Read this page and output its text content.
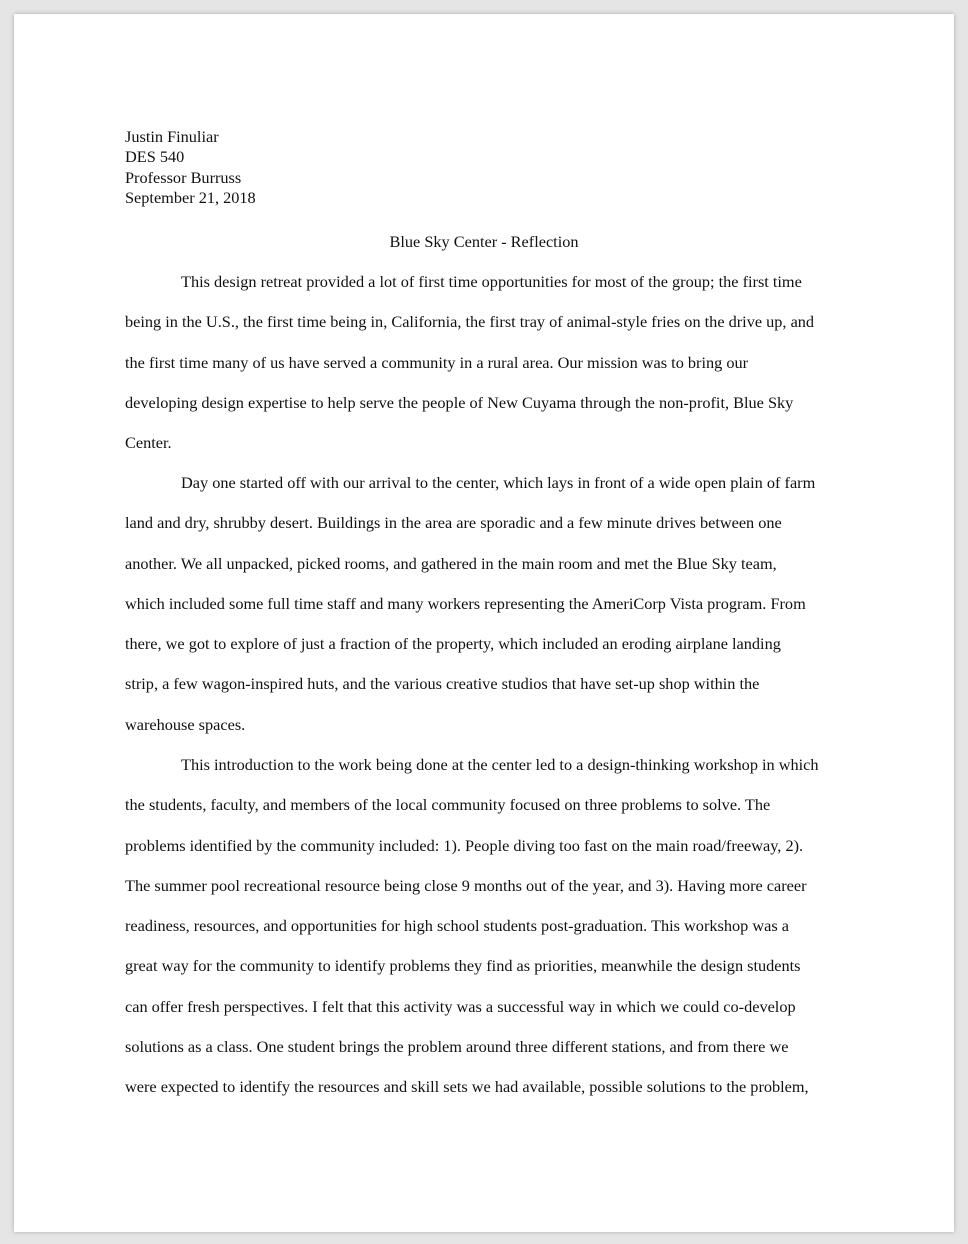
Justin Finuliar
DES 540
Professor Burruss
September 21, 2018
Blue Sky Center - Reflection
This design retreat provided a lot of first time opportunities for most of the group; the first time
being in the U.S., the first time being in, California, the first tray of animal-style fries on the drive up, and
the first time many of us have served a community in a rural area. Our mission was to bring our
developing design expertise to help serve the people of New Cuyama through the non-profit, Blue Sky
Center.
Day one started off with our arrival to the center, which lays in front of a wide open plain of farm
land and dry, shrubby desert. Buildings in the area are sporadic and a few minute drives between one
another. We all unpacked, picked rooms, and gathered in the main room and met the Blue Sky team,
which included some full time staff and many workers representing the AmeriCorp Vista program. From
there, we got to explore of just a fraction of the property, which included an eroding airplane landing
strip, a few wagon-inspired huts, and the various creative studios that have set-up shop within the
warehouse spaces.
This introduction to the work being done at the center led to a design-thinking workshop in which
the students, faculty, and members of the local community focused on three problems to solve. The
problems identified by the community included: 1). People diving too fast on the main road/freeway, 2).
The summer pool recreational resource being close 9 months out of the year, and 3). Having more career
readiness, resources, and opportunities for high school students post-graduation. This workshop was a
great way for the community to identify problems they find as priorities, meanwhile the design students
can offer fresh perspectives. I felt that this activity was a successful way in which we could co-develop
solutions as a class. One student brings the problem around three different stations, and from there we
were expected to identify the resources and skill sets we had available, possible solutions to the problem,
